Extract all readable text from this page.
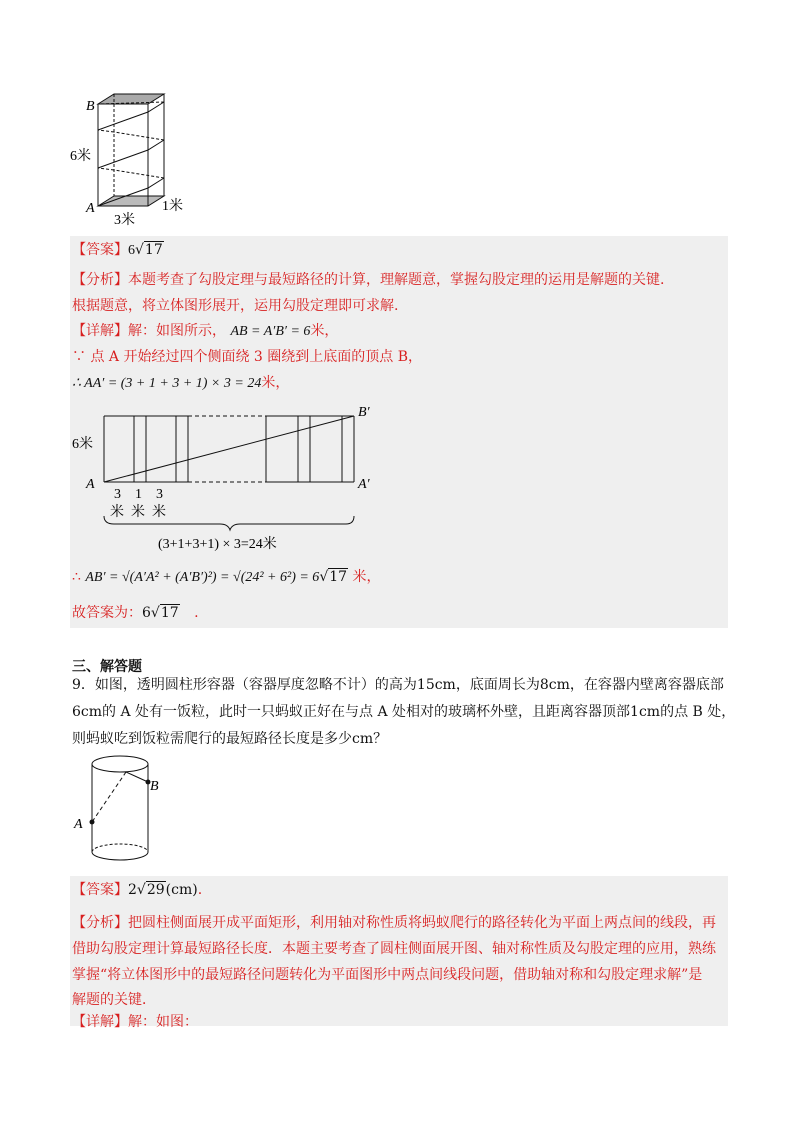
B
6米
A	1米
3米
【答案】6√17
【分析】本题考查了勾股定理与最短路径的计算，理解题意，掌握勾股定理的运用是解题的关键.
根据题意，将立体图形展开，运用勾股定理即可求解.
【详解】解：如图所示， AB = A′B′ = 6米，
∵ 点 A 开始经过四个侧面绕 3 圈绕到上底面的顶点 B，
∴ AA′ = (3 + 1 + 3 + 1) × 3 = 24米，
6米
A
B′
A′
3 1 3
米 米 米
(3+1+3+1) × 3=24米
∴ AB′ = √(A′A² + (A′B′)²) = √(24² + 6²) = 6√17 米，
故答案为：6√17 .
三、解答题
9．如图，透明圆柱形容器（容器厚度忽略不计）的高为15cm，底面周长为8cm，在容器内壁离容器底部
6cm的 A 处有一饭粒，此时一只蚂蚁正好在与点 A 处相对的玻璃杯外壁，且距离容器顶部1cm的点 B 处，
则蚂蚁吃到饭粒需爬行的最短路径长度是多少cm？
B
A
【答案】2√29(cm).
【分析】把圆柱侧面展开成平面矩形，利用轴对称性质将蚂蚁爬行的路径转化为平面上两点间的线段，再
借助勾股定理计算最短路径长度．本题主要考查了圆柱侧面展开图、轴对称性质及勾股定理的应用，熟练
掌握“将立体图形中的最短路径问题转化为平面图形中两点间线段问题，借助轴对称和勾股定理求解”是
解题的关键．
【详解】解：如图：
